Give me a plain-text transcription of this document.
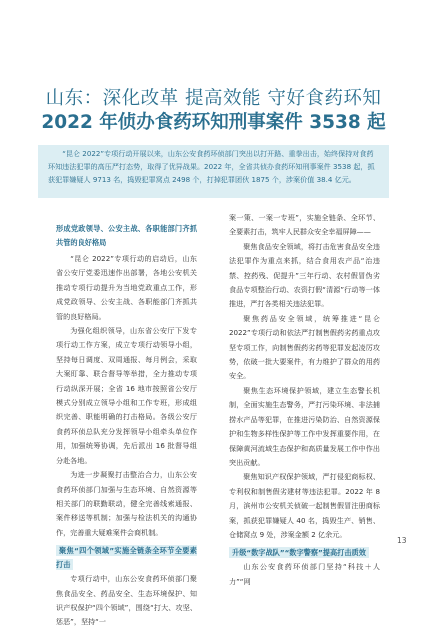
山东：深化改革 提高效能 守好食药环知
2022 年侦办食药环知刑事案件 3538 起

“昆仑 2022”专项行动开展以来，山东公安食药环侦部门突出以打开路、重拳出击，始终保持对食药环知违法犯罪的高压严打态势，取得了优异战果。2022 年，全省共侦办食药环知刑事案件 3538 起，抓获犯罪嫌疑人 9713 名，捣毁犯罪窝点 2498 个，打掉犯罪团伙 1875 个，涉案价值 38.4 亿元。

形成党政领导、公安主战、各职能部门齐抓共管的良好格局

“昆仑 2022”专项行动的启动后，山东省公安厅党委迅速作出部署，各地公安机关推动专项行动提升为当地党政重点工作，形成党政领导、公安主战、各职能部门齐抓共管的良好格局。

为强化组织领导，山东省公安厅下发专项行动工作方案，成立专项行动领导小组，坚持每日调度、双周通报、每月例会，采取大案盯靠、联合督导等举措，全力推动专项行动纵深开展；全省 16 地市按照省公安厅模式分别成立领导小组和工作专班，形成组织完善、职能明确的打击格局。各级公安厅食药环侦总队充分发挥领导小组牵头单位作用，加强统筹协调，先后派出 16 批督导组分赴各地。

为进一步凝聚打击整治合力，山东公安食药环侦部门加强与生态环境、自然资源等相关部门的联勤联动，健全完善线索通报、案件移送等机制；加强与检法机关的沟通协作，完善重大疑难案件会商机制。

聚焦“四个领域”实施全链条全环节全要素打击

专项行动中，山东公安食药环侦部门聚焦食品安全、药品安全、生态环境保护、知识产权保护“四个领域”，围绕“打大、攻坚、惩恶”，坚持“一

案一策、一案一专班”，实施全链条、全环节、全要素打击，筑牢人民群众安全幸福屏障——

聚焦食品安全领域，将打击危害食品安全违法犯罪作为重点来抓，结合食用农产品“治违禁、控药残、促提升”三年行动、农村假冒伪劣食品专项整治行动、农资打假“清源”行动等一体推进，严打各类相关违法犯罪。

聚焦药品安全领域，统筹推进“昆仑 2022”专项行动和依法严打制售假药劣药重点攻坚专项工作，向制售假药劣药等犯罪发起凌厉攻势，依破一批大要案件，有力维护了群众的用药安全。

聚焦生态环境保护领域，建立生态警长机制，全面实施生态警务，严打污染环境、非法捕捞水产品等犯罪，在推进污染防治、自然资源保护和生物多样性保护等工作中发挥重要作用，在保障黄河流域生态保护和高质量发展工作中作出突出贡献。

聚焦知识产权保护领域，严打侵犯商标权、专利权和制售假劣建材等违法犯罪。2022 年 8 月，滨州市公安机关侦破一起制售假冒注册商标案，抓获犯罪嫌疑人 40 名，捣毁生产、销售、仓储窝点 9 处，涉案金额 2 亿余元。

升级“数字战队”“数字警察”提高打击质效

山东公安食药环侦部门坚持“科技＋人力”“网

13
